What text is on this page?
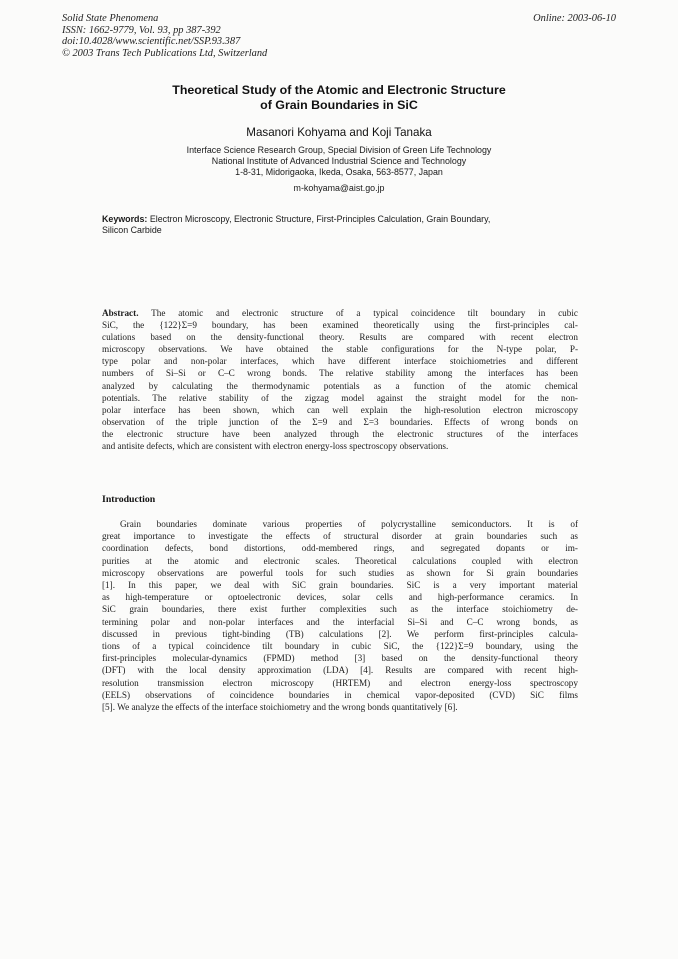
Solid State Phenomena
ISSN: 1662-9779, Vol. 93, pp 387-392
doi:10.4028/www.scientific.net/SSP.93.387
© 2003 Trans Tech Publications Ltd, Switzerland
Online: 2003-06-10
Theoretical Study of the Atomic and Electronic Structure
of Grain Boundaries in SiC
Masanori Kohyama and Koji Tanaka
Interface Science Research Group, Special Division of Green Life Technology
National Institute of Advanced Industrial Science and Technology
1-8-31, Midorigaoka, Ikeda, Osaka, 563-8577, Japan
m-kohyama@aist.go.jp
Keywords: Electron Microscopy, Electronic Structure, First-Principles Calculation, Grain Boundary,
Silicon Carbide
Abstract. The atomic and electronic structure of a typical coincidence tilt boundary in cubic
SiC, the {122}Σ=9 boundary, has been examined theoretically using the first-principles cal-
culations based on the density-functional theory. Results are compared with recent electron
microscopy observations. We have obtained the stable configurations for the N-type polar, P-
type polar and non-polar interfaces, which have different interface stoichiometries and different
numbers of Si–Si or C–C wrong bonds. The relative stability among the interfaces has been
analyzed by calculating the thermodynamic potentials as a function of the atomic chemical
potentials. The relative stability of the zigzag model against the straight model for the non-
polar interface has been shown, which can well explain the high-resolution electron microscopy
observation of the triple junction of the Σ=9 and Σ=3 boundaries. Effects of wrong bonds on
the electronic structure have been analyzed through the electronic structures of the interfaces
and antisite defects, which are consistent with electron energy-loss spectroscopy observations.
Introduction
Grain boundaries dominate various properties of polycrystalline semiconductors. It is of
great importance to investigate the effects of structural disorder at grain boundaries such as
coordination defects, bond distortions, odd-membered rings, and segregated dopants or im-
purities at the atomic and electronic scales. Theoretical calculations coupled with electron
microscopy observations are powerful tools for such studies as shown for Si grain boundaries
[1]. In this paper, we deal with SiC grain boundaries. SiC is a very important material
as high-temperature or optoelectronic devices, solar cells and high-performance ceramics. In
SiC grain boundaries, there exist further complexities such as the interface stoichiometry de-
termining polar and non-polar interfaces and the interfacial Si–Si and C–C wrong bonds, as
discussed in previous tight-binding (TB) calculations [2]. We perform first-principles calcula-
tions of a typical coincidence tilt boundary in cubic SiC, the {122}Σ=9 boundary, using the
first-principles molecular-dynamics (FPMD) method [3] based on the density-functional theory
(DFT) with the local density approximation (LDA) [4]. Results are compared with recent high-
resolution transmission electron microscopy (HRTEM) and electron energy-loss spectroscopy
(EELS) observations of coincidence boundaries in chemical vapor-deposited (CVD) SiC films
[5]. We analyze the effects of the interface stoichiometry and the wrong bonds quantitatively [6].
